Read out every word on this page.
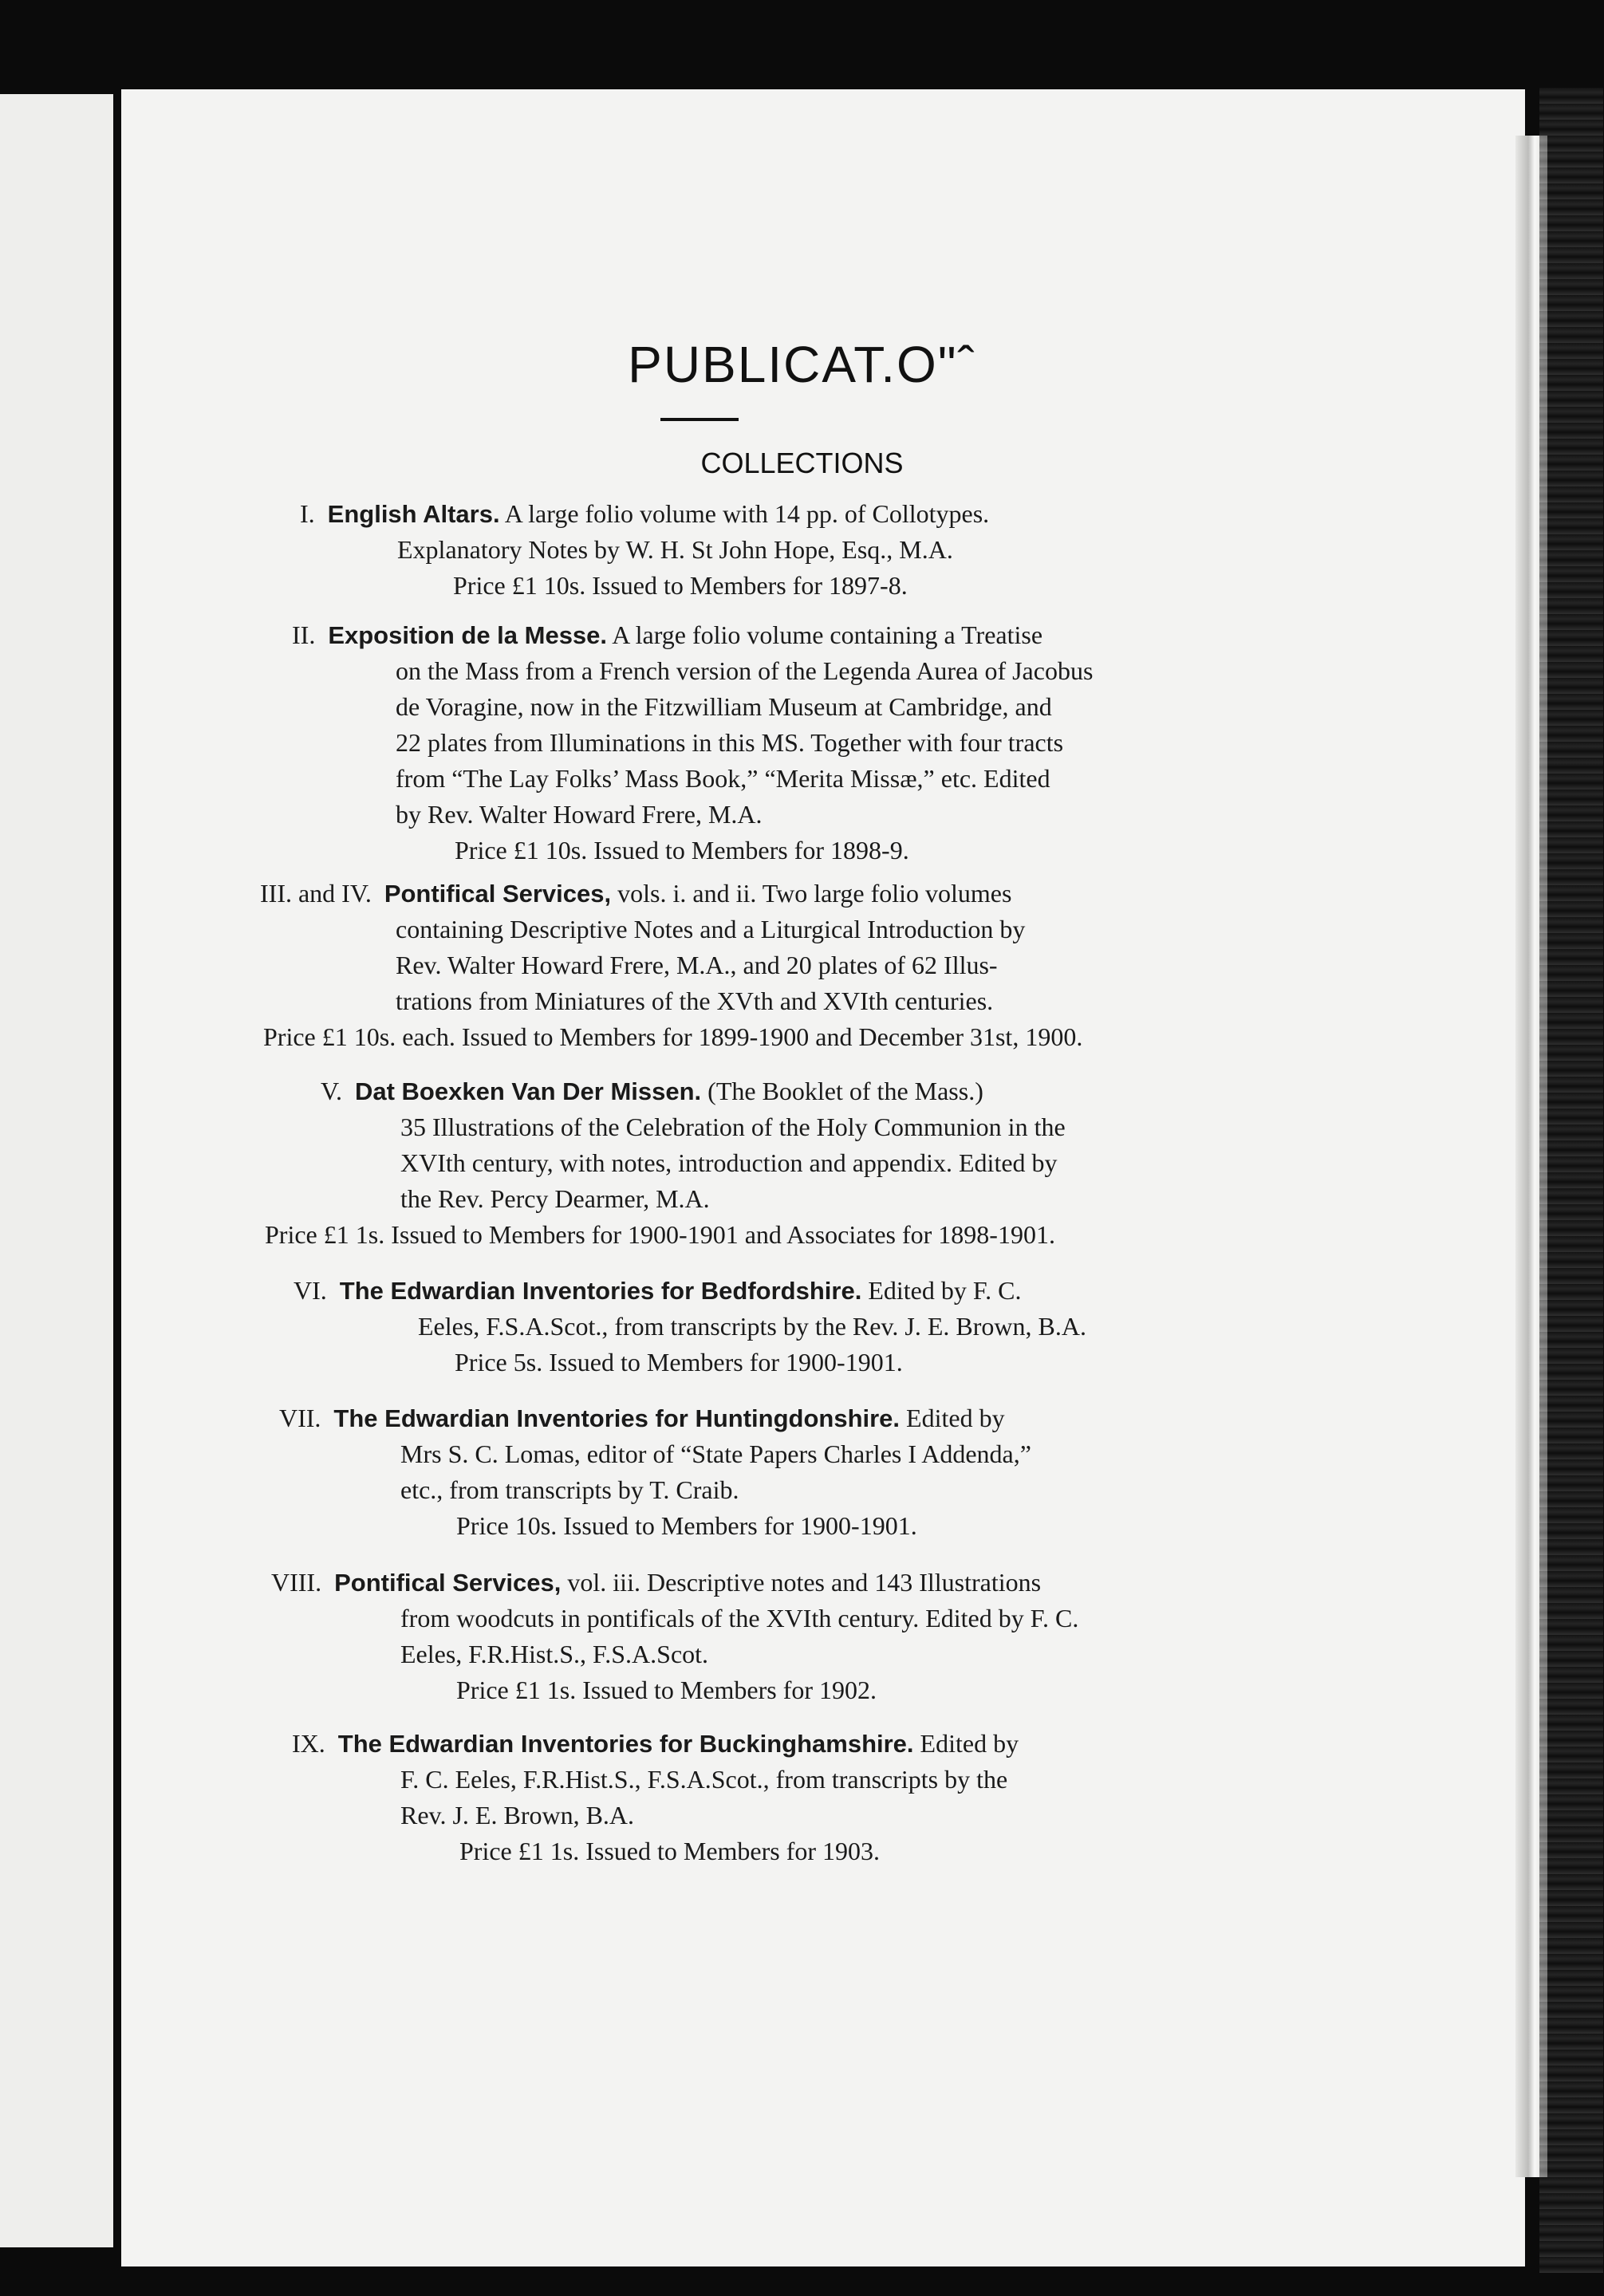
PUBLICAT.O"ˆ
COLLECTIONS
I. English Altars. A large folio volume with 14 pp. of Collotypes.
Explanatory Notes by W. H. St John Hope, Esq., M.A.
Price £1 10s. Issued to Members for 1897-8.
II. Exposition de la Messe. A large folio volume containing a Treatise
on the Mass from a French version of the Legenda Aurea of Jacobus
de Voragine, now in the Fitzwilliam Museum at Cambridge, and
22 plates from Illuminations in this MS. Together with four tracts
from “The Lay Folks’ Mass Book,” “Merita Missæ,” etc. Edited
by Rev. Walter Howard Frere, M.A.
Price £1 10s. Issued to Members for 1898-9.
III. and IV. Pontifical Services, vols. i. and ii. Two large folio volumes
containing Descriptive Notes and a Liturgical Introduction by
Rev. Walter Howard Frere, M.A., and 20 plates of 62 Illus-
trations from Miniatures of the XVth and XVIth centuries.
Price £1 10s. each. Issued to Members for 1899-1900 and December 31st, 1900.
V. Dat Boexken Van Der Missen. (The Booklet of the Mass.)
35 Illustrations of the Celebration of the Holy Communion in the
XVIth century, with notes, introduction and appendix. Edited by
the Rev. Percy Dearmer, M.A.
Price £1 1s. Issued to Members for 1900-1901 and Associates for 1898-1901.
VI. The Edwardian Inventories for Bedfordshire. Edited by F. C.
Eeles, F.S.A.Scot., from transcripts by the Rev. J. E. Brown, B.A.
Price 5s. Issued to Members for 1900-1901.
VII. The Edwardian Inventories for Huntingdonshire. Edited by
Mrs S. C. Lomas, editor of “State Papers Charles I Addenda,”
etc., from transcripts by T. Craib.
Price 10s. Issued to Members for 1900-1901.
VIII. Pontifical Services, vol. iii. Descriptive notes and 143 Illustrations
from woodcuts in pontificals of the XVIth century. Edited by F. C.
Eeles, F.R.Hist.S., F.S.A.Scot.
Price £1 1s. Issued to Members for 1902.
IX. The Edwardian Inventories for Buckinghamshire. Edited by
F. C. Eeles, F.R.Hist.S., F.S.A.Scot., from transcripts by the
Rev. J. E. Brown, B.A.
Price £1 1s. Issued to Members for 1903.
